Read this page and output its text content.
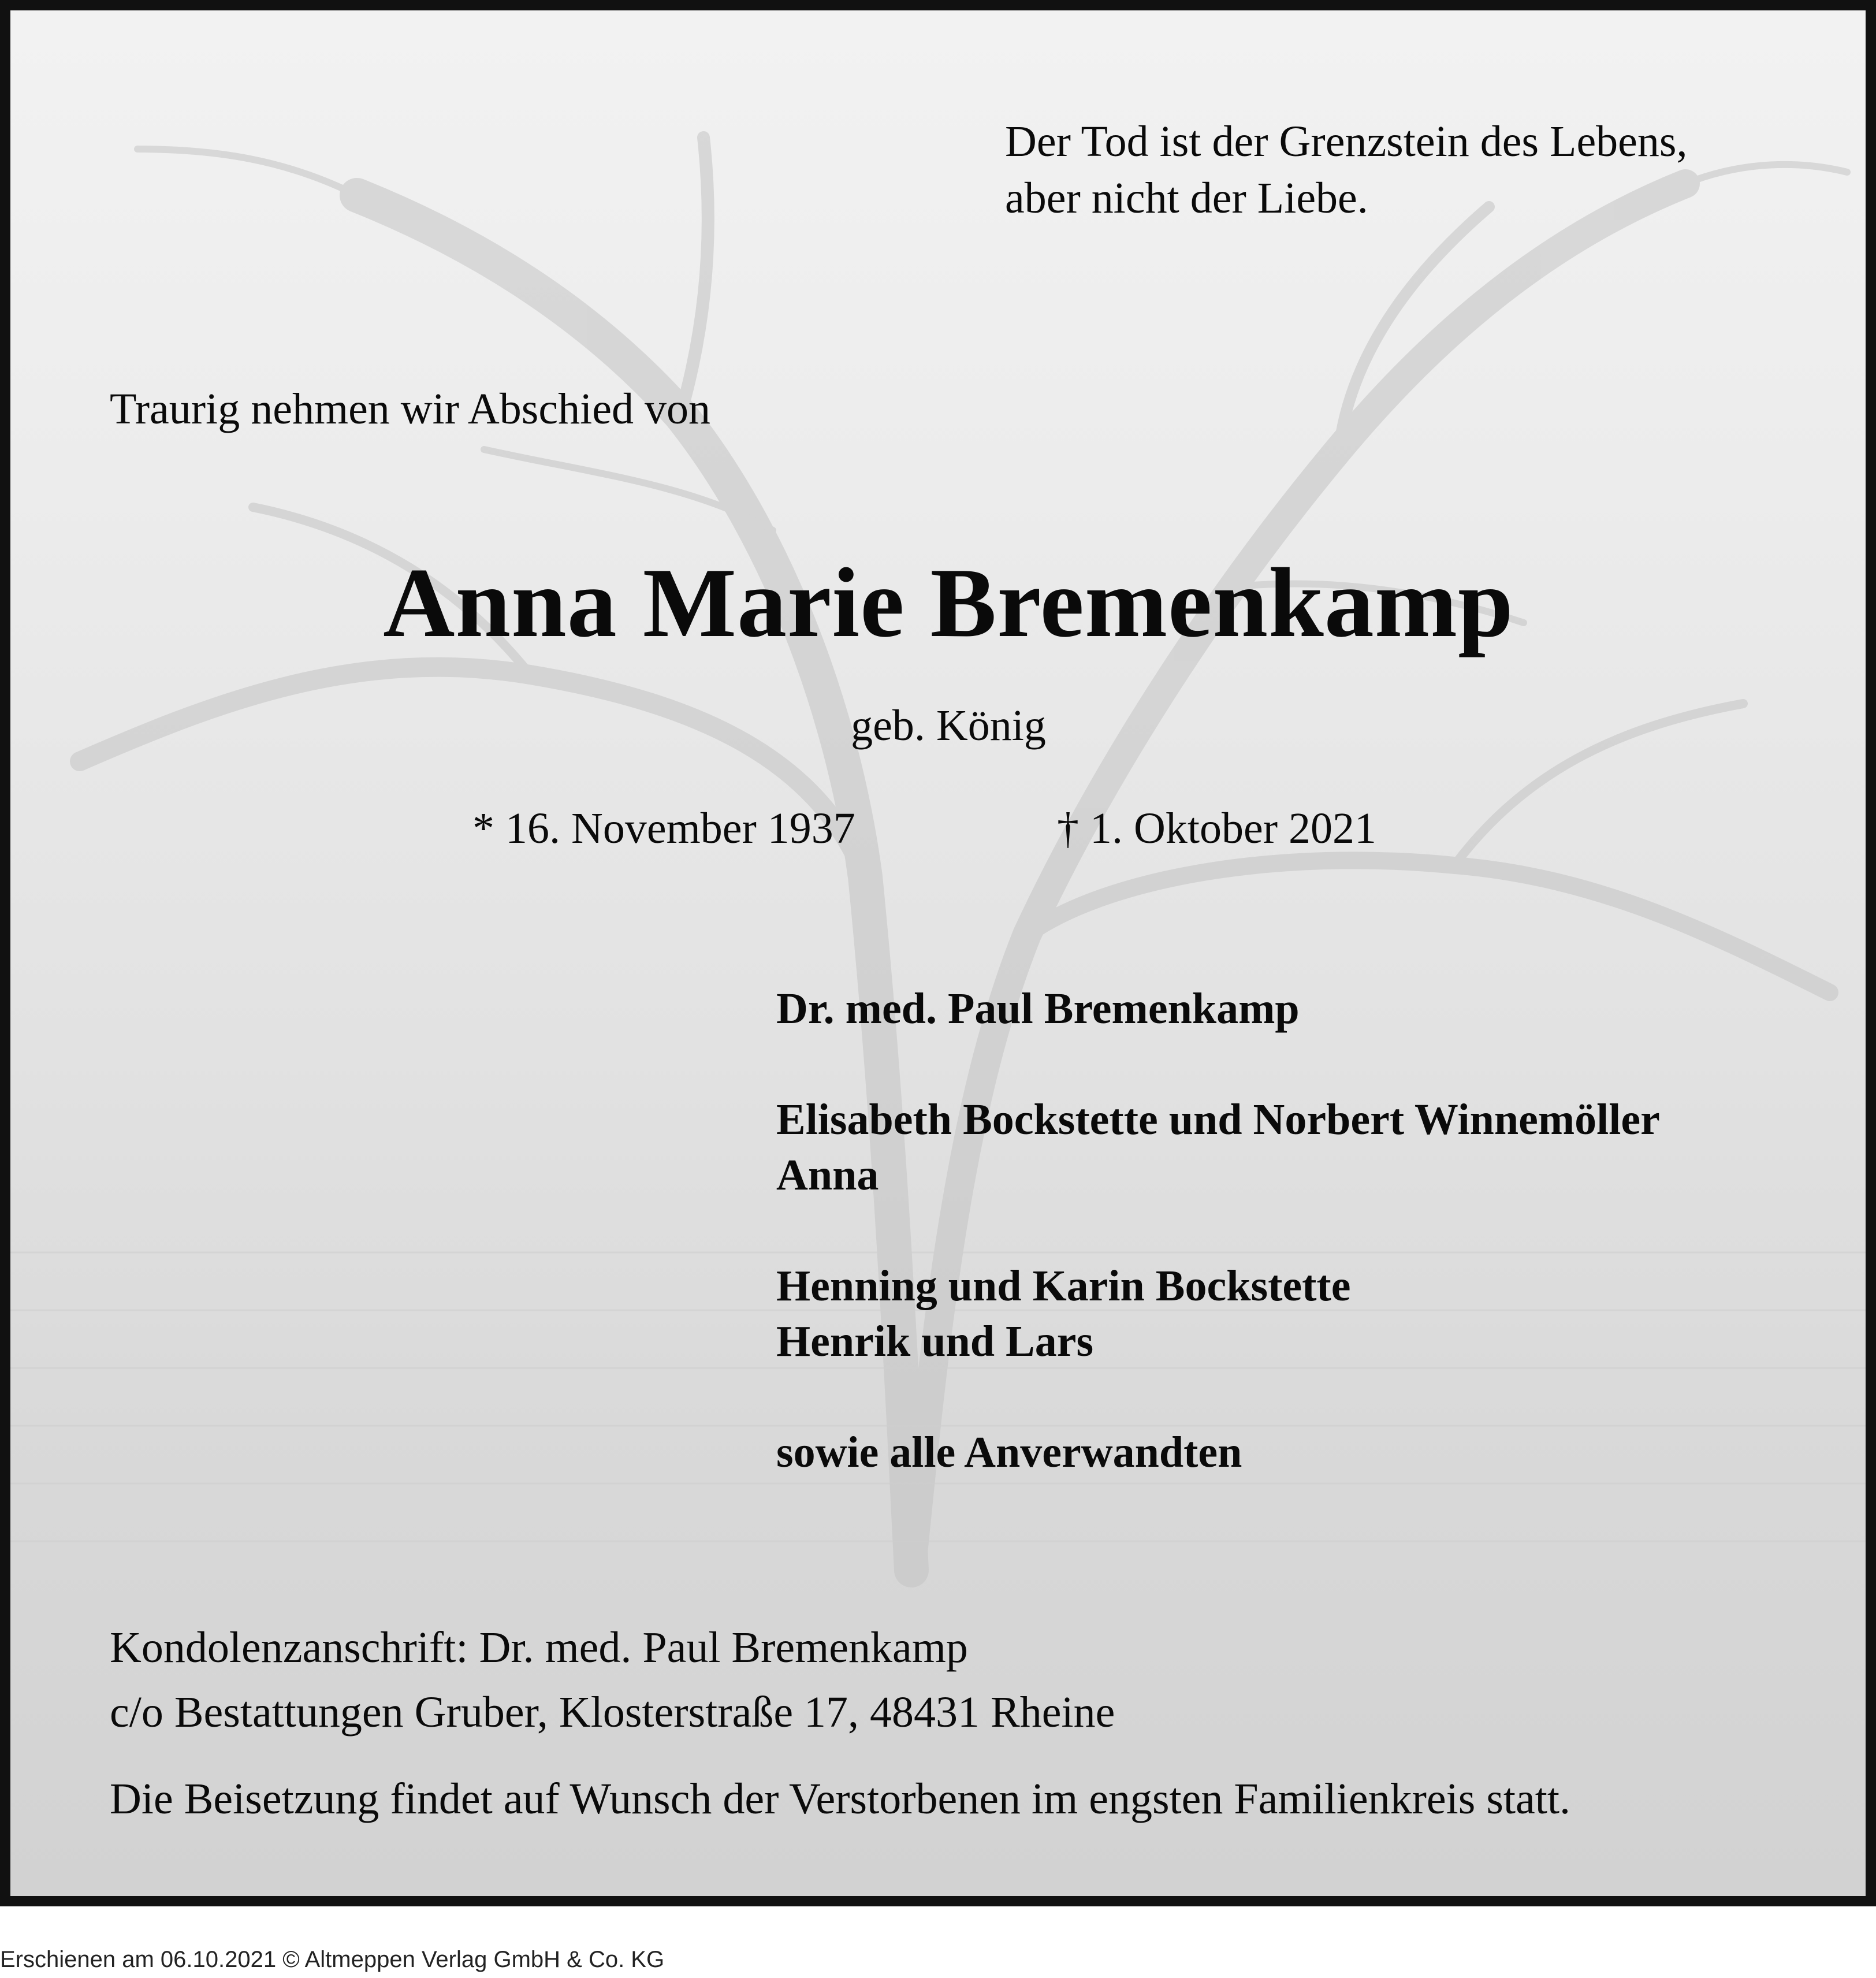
Der Tod ist der Grenzstein des Lebens,
aber nicht der Liebe.
Traurig nehmen wir Abschied von
Anna Marie Bremenkamp
geb. König
* 16. November 1937	† 1. Oktober 2021
Dr. med. Paul Bremenkamp
Elisabeth Bockstette und Norbert Winnemöller
Anna
Henning und Karin Bockstette
Henrik und Lars
sowie alle Anverwandten
Kondolenzanschrift: Dr. med. Paul Bremenkamp
c/o Bestattungen Gruber, Klosterstraße 17, 48431 Rheine
Die Beisetzung findet auf Wunsch der Verstorbenen im engsten Familienkreis statt.
Erschienen am 06.10.2021 © Altmeppen Verlag GmbH & Co. KG
